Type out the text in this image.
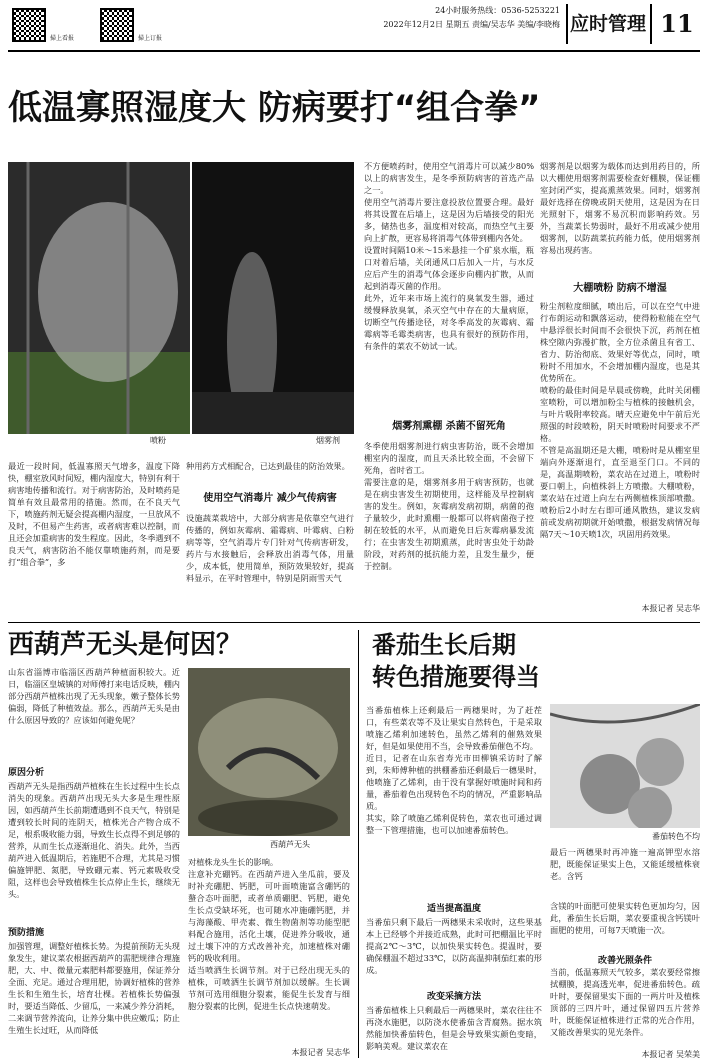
掃上看报	掃上订报
24小时服务热线：0536-5253221
2022年12月2日 星期五 责编/吴志华 美编/李晓梅 应时管理 11
低温寡照湿度大 防病要打“组合拳”
喷粉	烟雾剂
最近一段时间，低温寡照天气增多，温度下降快，棚室放风时间短，棚内湿度大，特别有利于病害地传播和流行。对于病害防治，及时喷药是简单有效且最常用的措施。然而，在不良天气下，喷施药剂无疑会提高棚内湿度，一旦放风不及时，不但易产生药害，或者病害难以控制，而且还会加重病害的发生程度。因此，冬季遇到不良天气，病害防治不能仅靠喷施药剂，而是要打“组合拳”，多
种用药方式相配合，已达到最佳的防治效果。
使用空气消毒片 减少气传病害
设施蔬菜栽培中，大部分病害是依靠空气进行传播的，例如灰霉病、霜霉病、叶霉病、白粉病等等，空气消毒片专门针对气传病害研发，药片与水接触后，会释放出消毒气体，用量少，成本低，使用简单，预防效果较好，提高料显示，在平时管理中，特别是阴雨雪天气
不方便喷药时，使用空气消毒片可以减少80%以上的病害发生，是冬季预防病害的首选产品之一。
使用空气消毒片要注意投放位置要合理。最好将其设置在后墙上，这是因为后墙接受的阳光多，储热也多，温度相对较高，而热空气主要向上扩散，更容易将消毒气体带到棚内各处。
设置时间隔10米～15米悬挂一个矿泉水瓶，瓶口对着后墙，关闭通风口后加入一片，与水反应后产生的消毒气体会逐步向棚内扩散，从而起到消毒灭菌的作用。
此外，近年来市场上流行的臭氧发生器，通过缓慢释放臭氧，杀灭空气中存在的大量病原，切断空气传播途径，对冬季高发的灰霉病、霜霉病等毛霉类病害，也具有很好的预防作用，有条件的菜农不妨试一试。
烟雾剂熏棚 杀菌不留死角
冬季使用烟雾剂进行病虫害防治，既不会增加棚室内的湿度，而且天杀比较全面，不会留下死角，省时省工。
需要注意的是，烟雾剂多用于病害预防，也就是在病虫害发生初期使用，这样能及早控制病害的发生。例如，灰霉病发病初期，病菌的孢子量较少，此时熏棚一般都可以将病菌孢子控制在较低的水平，从而避免日后灰霉病暴发流行；在虫害发生初期熏蒸，此时害虫处于幼龄阶段，对药剂的抵抗能力差，且发生量少，便于控制。
烟雾剂是以烟雾为载体而达到用药目的，所以大棚使用烟雾剂需要检查好棚膜，保证棚室封闭严实，提高熏蒸效果。同时，烟雾剂最好选择在傍晚或阴天使用，这是因为在日光照射下，烟雾不易沉积而影响药效。另外，当蔬菜长势弱时，最好不用或减少使用烟雾剂，以防蔬菜抗药能力低，使用烟雾剂容易出现药害。
大棚喷粉 防病不增湿
粉尘剂粒度细腻，喷出后，可以在空气中进行布朗运动和飘落运动，使得粉粒能在空气中悬浮很长时间而不会很快下沉，药剂在植株空隙内弥漫扩散，全方位杀菌且有省工、省力、防治彻底、效果好等优点，同时，喷粉时不用加水，不会增加棚内湿度，也是其优势所在。
喷粉的最佳时间是早晨或傍晚，此时关闭棚室喷粉，可以增加粉尘与植株的接触机会，与叶片吸附率较高。晴天应避免中午前后光照强的时段喷粉，阴天时喷粉时间要求不严格。
不管是高温期还是大棚，喷粉时是从棚室里端向外逐渐退行，直至退至门口。不同的是，高温期喷粉，菜农站在过道上，喷粉时要口朝上，向植株斜上方喷撒。大棚喷粉，菜农站在过道上向左右两侧植株顶部喷撒。喷粉后2小时左右即可通风散热，建议发病前或发病初期就开始喷撒，根据发病情况每隔7天～10天喷1次，巩固用药效果。
本报记者 吴志华
西葫芦无头是何因？
山东省淄博市临淄区西葫芦种植面积较大。近日，临淄区皇城镇的对师傅打来电话反映，棚内部分西葫芦植株出现了无头现象，嫩子整体长势偏弱，降低了种植效益。那么，西葫芦无头是由什么原因导致的？应该如何避免呢？
原因分析
西葫芦无头是指西葫芦植株在生长过程中生长点消失的现象。西葫芦出现无头大多是生理性原因，如西葫芦生长前期遭遇到不良天气，特别是遭到较长时间的连阴天，植株光合产物合成不足，根系吸收能力弱，导致生长点得不到足够的营养，从而生长点逐渐退化、消失。此外，当西葫芦进入低温期后，若施肥不合理，尤其是习惯偏施钾肥、氮肥，导致硼元素、钙元素吸收受阻，这样也会导致植株生长点停止生长，继续无头。
预防措施
加强管理，调整好植株长势。为提前预防无头现象发生，建议菜农根据西葫芦的需肥规律合理施肥，大、中、微量元素肥料都要施用，保证养分全面、充足。通过合理用肥，协调好植株的营养生长和生殖生长，培育壮棵。若植株长势偏强时，要适当降低、少留瓜，一来减少养分消耗，二来调节营养流向，让养分集中供应嫩瓜；防止生殖生长过旺，从而降低
西葫芦无头
对植株龙头生长的影响。
注意补充硼钙。在西葫芦进入坐瓜前，要及时补充硼肥、钙肥，可叶面喷施富含硼钙的螯合态叶面肥，或者单质硼肥、钙肥，避免生长点受缺坏死，也可随水冲施硼钙肥，并与海藻酸、甲壳素、微生物菌剂等功能型肥料配合施用，活化土壤，促进养分吸收，通过土壤下冲的方式改善补充，加速植株对硼钙的吸收利用。
适当喷洒生长调节剂。对于已经出现无头的植株，可喷洒生长调节剂加以缓解。生长调节剂可选用细胞分裂素，能促生长发育与细胞分裂素的比例，促进生长点快速萌发。
本报记者 吴志华
番茄生长后期
转色措施要得当
当番茄植株上还剩最后一两穗果时，为了赶茬口，有些菜农等不及让果实自然转色，于是采取喷施乙烯利加速转色，虽然乙烯利的催熟效果好，但是如果使用不当，会导致番茄催色不均。
近日，记者在山东省寿光市田柳镇采访时了解到，朱师傅种植的拱棚番茄还剩最后一穗果时，他喷施了乙烯利，由于没有掌握好喷施时间和药量，番茄着色出现转色不均的情况，严重影响品质。
其实，除了喷施乙烯利促转色，菜农也可通过调整一下管理措施，也可以加速番茄转色。
适当提高温度
当番茄只剩下最后一两穗果未采收时，这些果基本上已经够个并接近成熟，此时可把棚温比平时提高2℃～3℃，以加快果实转色。提温时，要确保棚温不超过33℃，以防高温抑制茄红素的形成。
改变采摘方法
当番茄植株上只剩最后一两穗果时，菜农往往不再浇水施肥，以防浇水使番茄含青腐熟。据水筑然能加快番茄转色，但是会导致果实颜色变暗，影响美观。建议菜农在
番茄转色不均
最后一两穗果时再冲施一遍高钾型水溶肥，既能保证果实上色，又能延缓植株衰老。含钙
含镁的叶面肥可使果实转色更加均匀，因此，番茄生长后期，菜农要重视含钙镁叶面肥的使用，可每7天喷施一次。
改善光照条件
当前，低温寡照天气较多，菜农要经常擦拭棚膜，提高透光率，促进番茄转色。疏叶时，要保留果实下面的一两片叶及植株顶部的三四片叶，通过保留四五片营养叶，既能保证植株进行正常的光合作用，又能改善果实的见光条件。
本报记者 吴荣美
